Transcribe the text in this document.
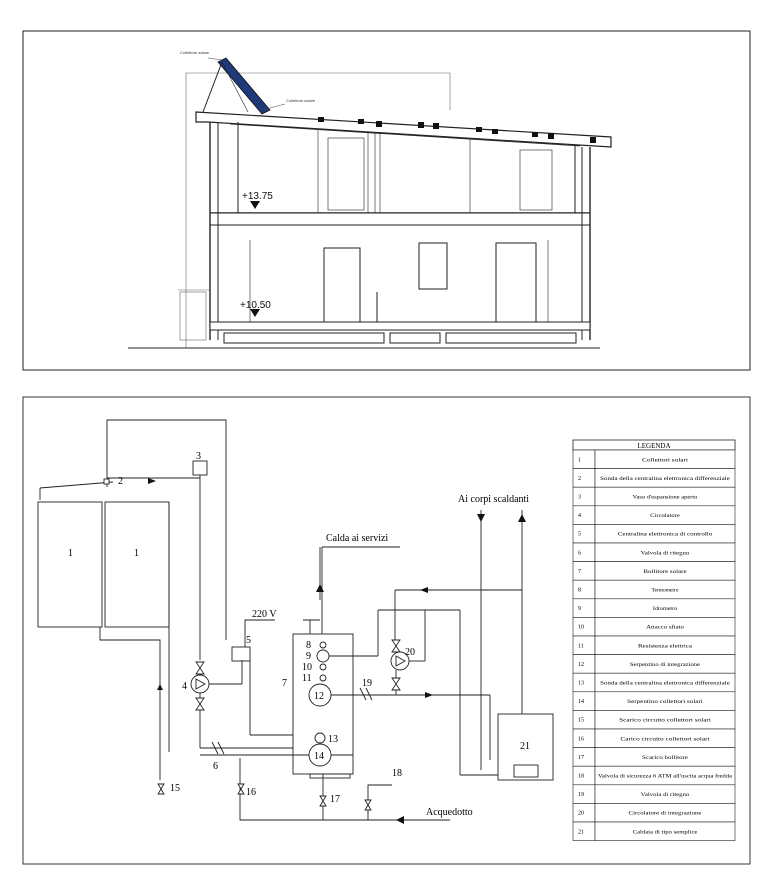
+13.75
+10.50
Collettore solare
Collettore solare
Calda ai servizi
Ai corpi scaldanti
220 V
Acquedotto
1	1
2
3
4
5
6
7
8
9
10
11
12
13
14
15	16
17
18
19
20
21
LEGENDA
1	Collettori solari
2	Sonda della centralina elettronica differenziale
3	Vaso d'espansione aperto
4	Circolatore
5	Centralina elettronica di controllo
6	Valvola di ritegno
7	Bollitore solare
8	Termometro
9	Idrometro
10	Attacco sfiato
11	Resistenza elettrica
12	Serpentino di integrazione
13	Sonda della centralina elettronica differenziale
14	Serpentino collettori solari
15	Scarico circuito collettori solari
16	Carico circuito collettori solari
17	Scarico bollitore
18	Valvola di sicurezza 6 ATM all'uscita acqua fredda
19	Valvola di ritegno
20	Circolatore di integrazione
21	Caldaia di tipo semplice
